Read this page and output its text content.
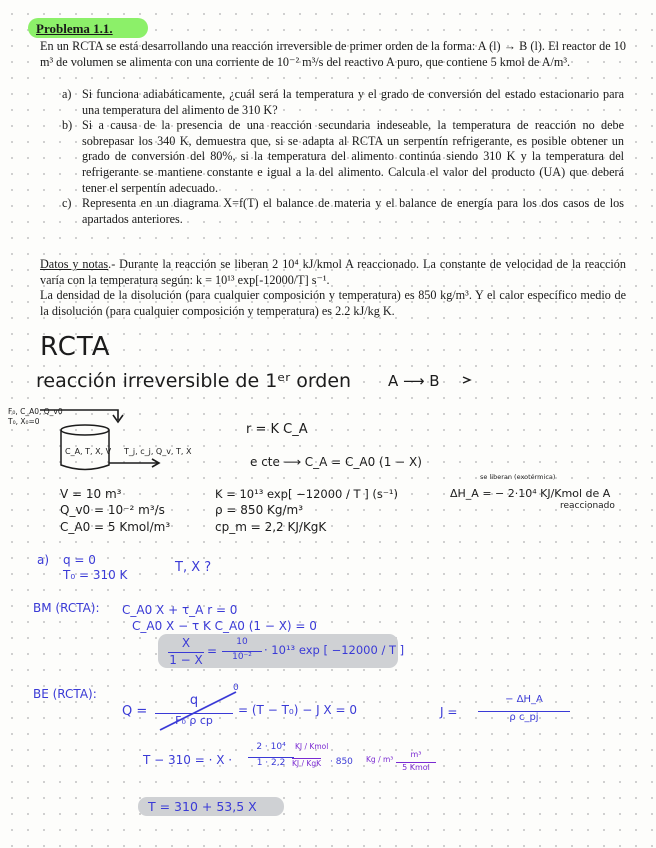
Problema 1.1.
En un RCTA se está desarrollando una reacción irreversible de primer orden de la forma: A (l) → B (l). El reactor de 10 m³ de volumen se alimenta con una corriente de 10⁻² m³/s del reactivo A puro, que contiene 5 kmol de A/m³.
a) Si funciona adiabáticamente, ¿cuál será la temperatura y el grado de conversión del estado estacionario para una temperatura del alimento de 310 K?
b) Si a causa de la presencia de una reacción secundaria indeseable, la temperatura de reacción no debe sobrepasar los 340 K, demuestra que, si se adapta al RCTA un serpentín refrigerante, es posible obtener un grado de conversión del 80%, si la temperatura del alimento continúa siendo 310 K y la temperatura del refrigerante se mantiene constante e igual a la del alimento. Calcula el valor del producto (UA) que deberá tener el serpentín adecuado.
c) Representa en un diagrama X=f(T) el balance de materia y el balance de energía para los dos casos de los apartados anteriores.
Datos y notas.- Durante la reacción se liberan 2 10⁴ kJ/kmol A reaccionado. La constante de velocidad de la reacción varía con la temperatura según: k = 10¹³ exp[-12000/T] s⁻¹.
La densidad de la disolución (para cualquier composición y temperatura) es 850 kg/m³. Y el calor específico medio de la disolución (para cualquier composición y temperatura) es 2.2 kJ/kg K.
RCTA
reacción irreversible de 1ᵉʳ orden A ⟶ B
F₀, C_A0, Q_v0
T₀, X₀=0
C_A, T, X, V T_j, c_j, Q_v, T, X
r = K C_A
e cte ⟶ C_A = C_A0 (1 − X)
V = 10 m³
Q_v0 = 10⁻² m³/s
C_A0 = 5 Kmol/m³
K = 10¹³ exp[ −12000 / T ] (s⁻¹)
ρ = 850 Kg/m³
cp_m = 2,2 KJ/KgK
se liberan (exotérmica)
ΔH_A = − 2·10⁴ KJ/Kmol de A
reaccionado
a) q = 0
T₀ = 310 K	T, X ?
BM (RCTA): C_A0 X + τ_A r = 0
C_A0 X − τ K C_A0 (1 − X) = 0
X
1 − X
=
10
10⁻²	· 10¹³ exp [ −12000 / T ]
BE (RCTA):
Q =
q
F₀ ρ cp
0
= (T − T₀) − J X = 0	J =
− ΔH_A
ρ c_pj
T − 310 = · X ·
2 · 10⁴	KJ / Kmol
1 · 2,2 KJ / KgK · 850 Kg / m³
m³
5 Kmol
T = 310 + 53,5 X
